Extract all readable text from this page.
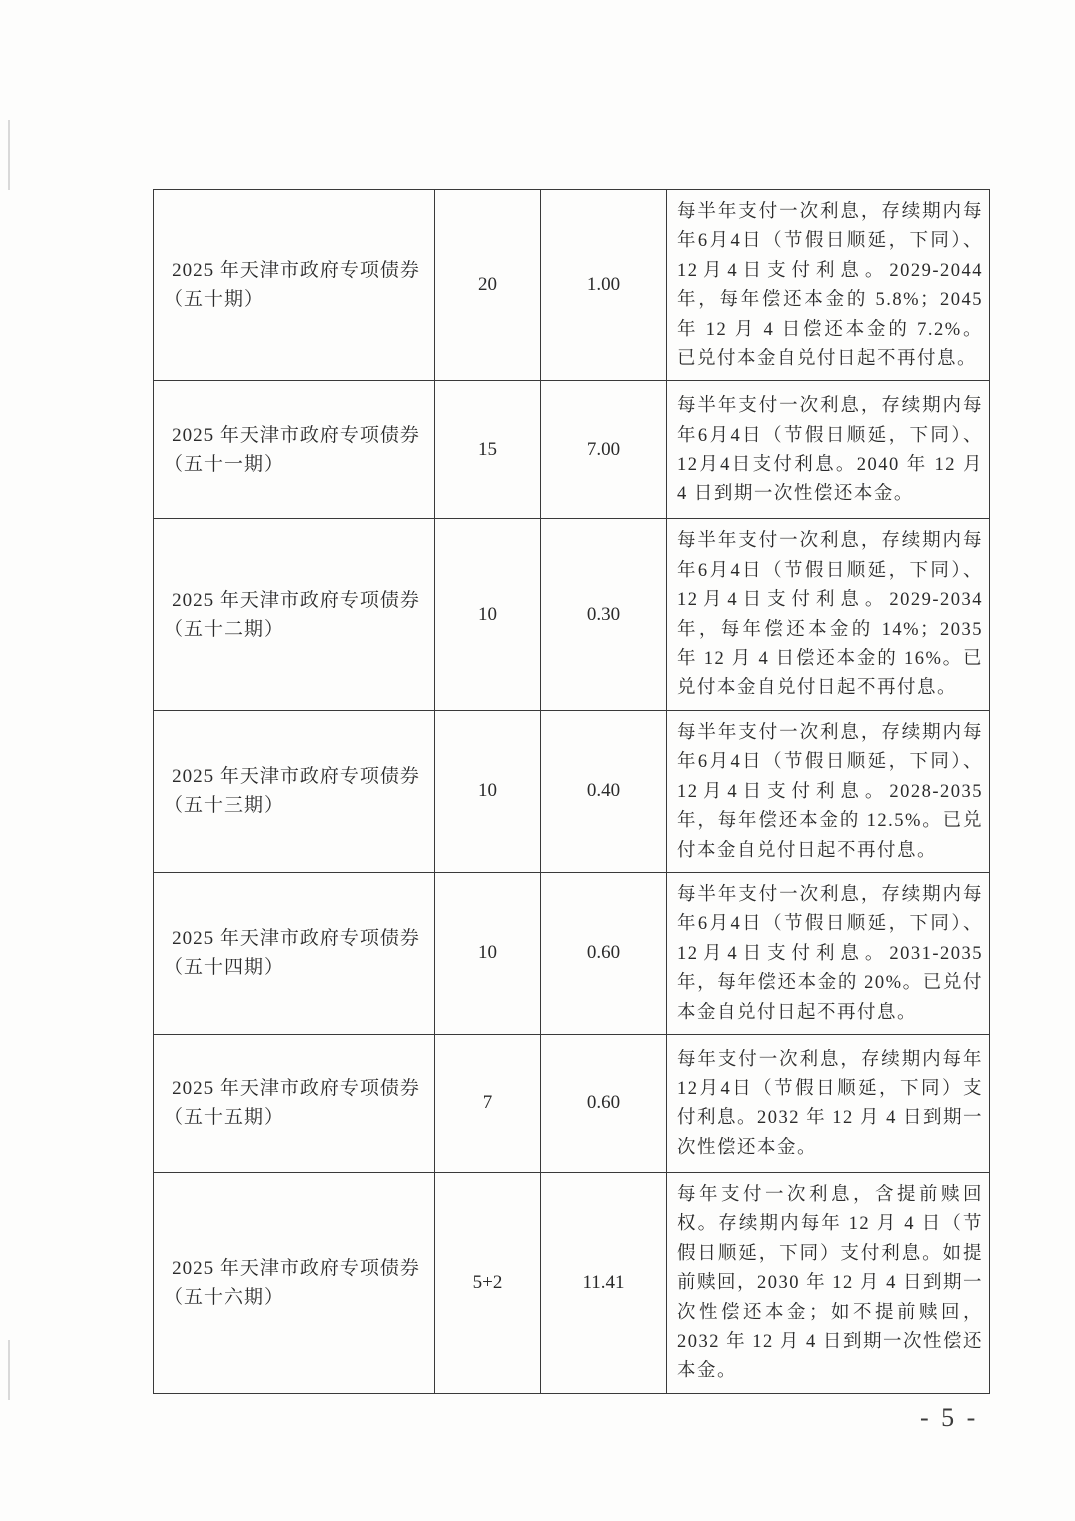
2025 年天津市政府专项债券
（五十期）	20	1.00	每半年支付一次利息，存续期内每年6月4日（节假日顺延，下同）、12月4日支付利息。2029-2044 年，每年偿还本金的 5.8%；2045 年 12 月 4 日偿还本金的 7.2%。已兑付本金自兑付日起不再付息。

2025 年天津市政府专项债券
（五十一期）	15	7.00	每半年支付一次利息，存续期内每年6月4日（节假日顺延，下同）、12月4日支付利息。2040 年 12 月 4 日到期一次性偿还本金。

2025 年天津市政府专项债券
（五十二期）	10	0.30	每半年支付一次利息，存续期内每年6月4日（节假日顺延，下同）、12月4日支付利息。2029-2034 年，每年偿还本金的 14%；2035 年 12 月 4 日偿还本金的 16%。已兑付本金自兑付日起不再付息。

2025 年天津市政府专项债券
（五十三期）	10	0.40	每半年支付一次利息，存续期内每年6月4日（节假日顺延，下同）、12月4日支付利息。2028-2035 年，每年偿还本金的 12.5%。已兑付本金自兑付日起不再付息。

2025 年天津市政府专项债券
（五十四期）	10	0.60	每半年支付一次利息，存续期内每年6月4日（节假日顺延，下同）、12月4日支付利息。2031-2035 年，每年偿还本金的 20%。已兑付本金自兑付日起不再付息。

2025 年天津市政府专项债券
（五十五期）	7	0.60	每年支付一次利息，存续期内每年12月4日（节假日顺延，下同）支付利息。2032 年 12 月 4 日到期一次性偿还本金。

2025 年天津市政府专项债券
（五十六期）	5+2	11.41	每年支付一次利息，含提前赎回权。存续期内每年 12 月 4 日（节假日顺延，下同）支付利息。如提前赎回，2030 年 12 月 4 日到期一次性偿还本金；如不提前赎回，2032 年 12 月 4 日到期一次性偿还本金。
- 5 -
